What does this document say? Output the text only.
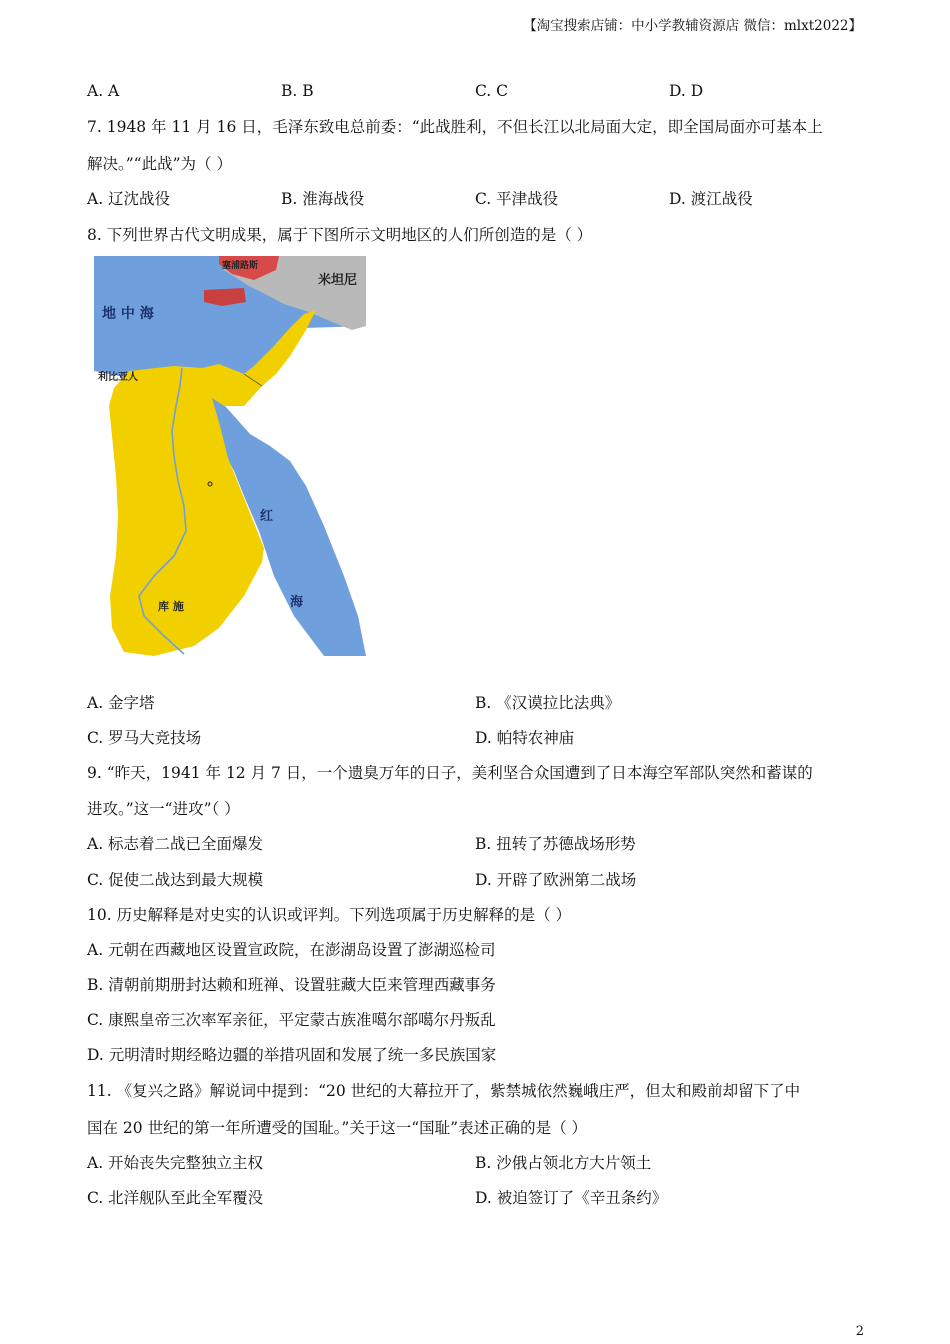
【淘宝搜索店铺：中小学教辅资源店 微信：mlxt2022】
A. A	B. B	C. C	D. D
7. 1948 年 11 月 16 日，毛泽东致电总前委：“此战胜利，不但长江以北局面大定，即全国局面亦可基本上
解决。”“此战”为（ ）
A. 辽沈战役	B. 淮海战役	C. 平津战役	D. 渡江战役
8. 下列世界古代文明成果，属于下图所示文明地区的人们所创造的是（ ）
地 中 海
米坦尼
利比亚人
红
海
库 施
塞浦路斯
A. 金字塔	B. 《汉谟拉比法典》
C. 罗马大竞技场	D. 帕特农神庙
9. “昨天，1941 年 12 月 7 日，一个遗臭万年的日子，美利坚合众国遭到了日本海空军部队突然和蓄谋的
进攻。”这一“进攻”（ ）
A. 标志着二战已全面爆发	B. 扭转了苏德战场形势
C. 促使二战达到最大规模	D. 开辟了欧洲第二战场
10. 历史解释是对史实的认识或评判。下列选项属于历史解释的是（ ）
A. 元朝在西藏地区设置宣政院，在澎湖岛设置了澎湖巡检司
B. 清朝前期册封达赖和班禅、设置驻藏大臣来管理西藏事务
C. 康熙皇帝三次率军亲征，平定蒙古族准噶尔部噶尔丹叛乱
D. 元明清时期经略边疆的举措巩固和发展了统一多民族国家
11. 《复兴之路》解说词中提到：“20 世纪的大幕拉开了，紫禁城依然巍峨庄严，但太和殿前却留下了中
国在 20 世纪的第一年所遭受的国耻。”关于这一“国耻”表述正确的是（ ）
A. 开始丧失完整独立主权	B. 沙俄占领北方大片领土
C. 北洋舰队至此全军覆没	D. 被迫签订了《辛丑条约》
2
